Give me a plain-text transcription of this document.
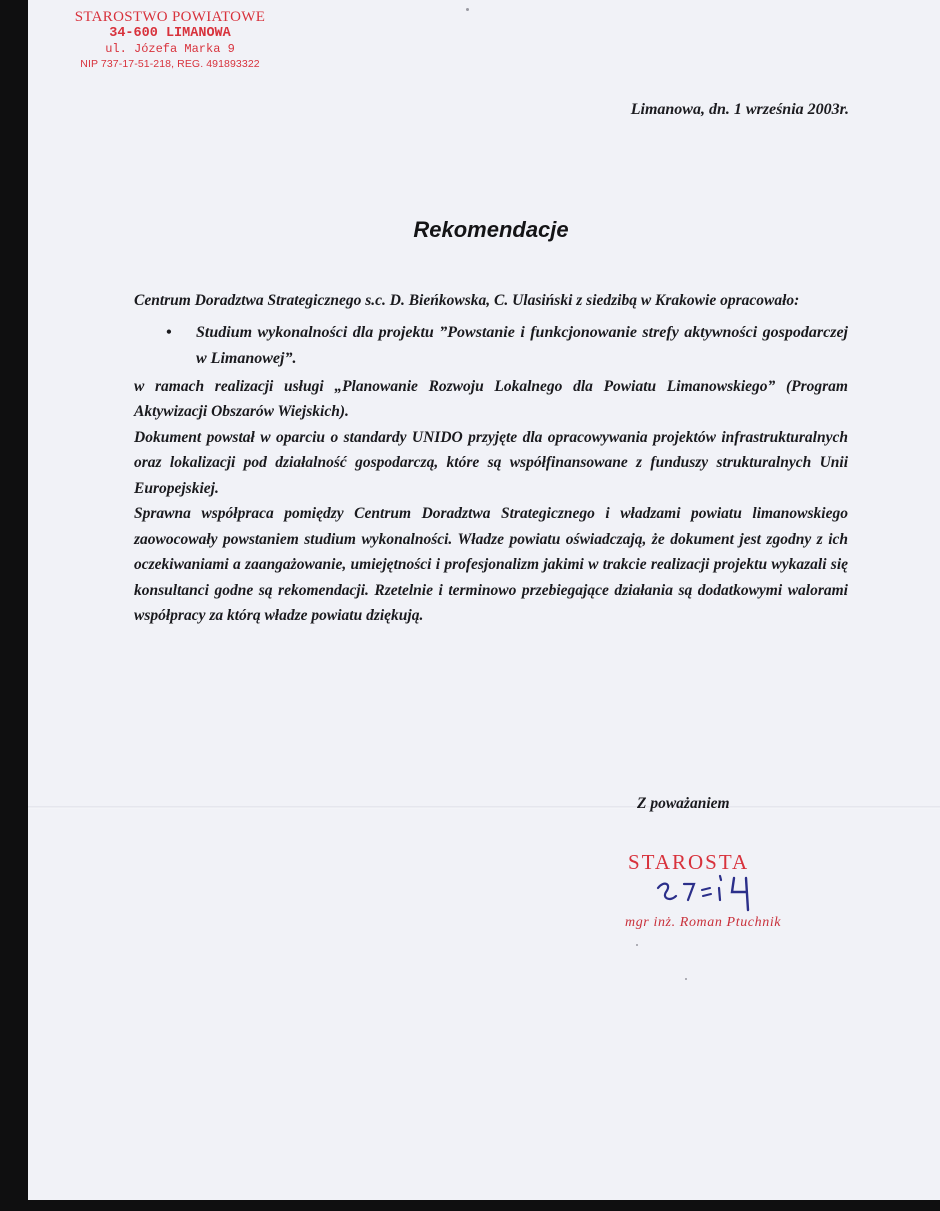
STAROSTWO POWIATOWE
34-600 LIMANOWA
ul. Józefa Marka 9
NIP 737-17-51-218, REG. 491893322
Limanowa, dn. 1 września 2003r.
Rekomendacje

Centrum Doradztwa Strategicznego s.c. D. Bieńkowska, C. Ulasiński z siedzibą w Krakowie opracowało:

• Studium wykonalności dla projektu ”Powstanie i funkcjonowanie strefy aktywności gospodarczej w Limanowej”.

w ramach realizacji usługi „Planowanie Rozwoju Lokalnego dla Powiatu Limanowskiego” (Program Aktywizacji Obszarów Wiejskich).

Dokument powstał w oparciu o standardy UNIDO przyjęte dla opracowywania projektów infrastrukturalnych oraz lokalizacji pod działalność gospodarczą, które są współfinansowane z funduszy strukturalnych Unii Europejskiej.

Sprawna współpraca pomiędzy Centrum Doradztwa Strategicznego i władzami powiatu limanowskiego zaowocowały powstaniem studium wykonalności. Władze powiatu oświadczają, że dokument jest zgodny z ich oczekiwaniami a zaangażowanie, umiejętności i profesjonalizm jakimi w trakcie realizacji projektu wykazali się konsultanci godne są rekomendacji. Rzetelnie i terminowo przebiegające działania są dodatkowymi walorami współpracy za którą władze powiatu dziękują.

Z poważaniem
STAROSTA
mgr inż. Roman Ptuchnik
